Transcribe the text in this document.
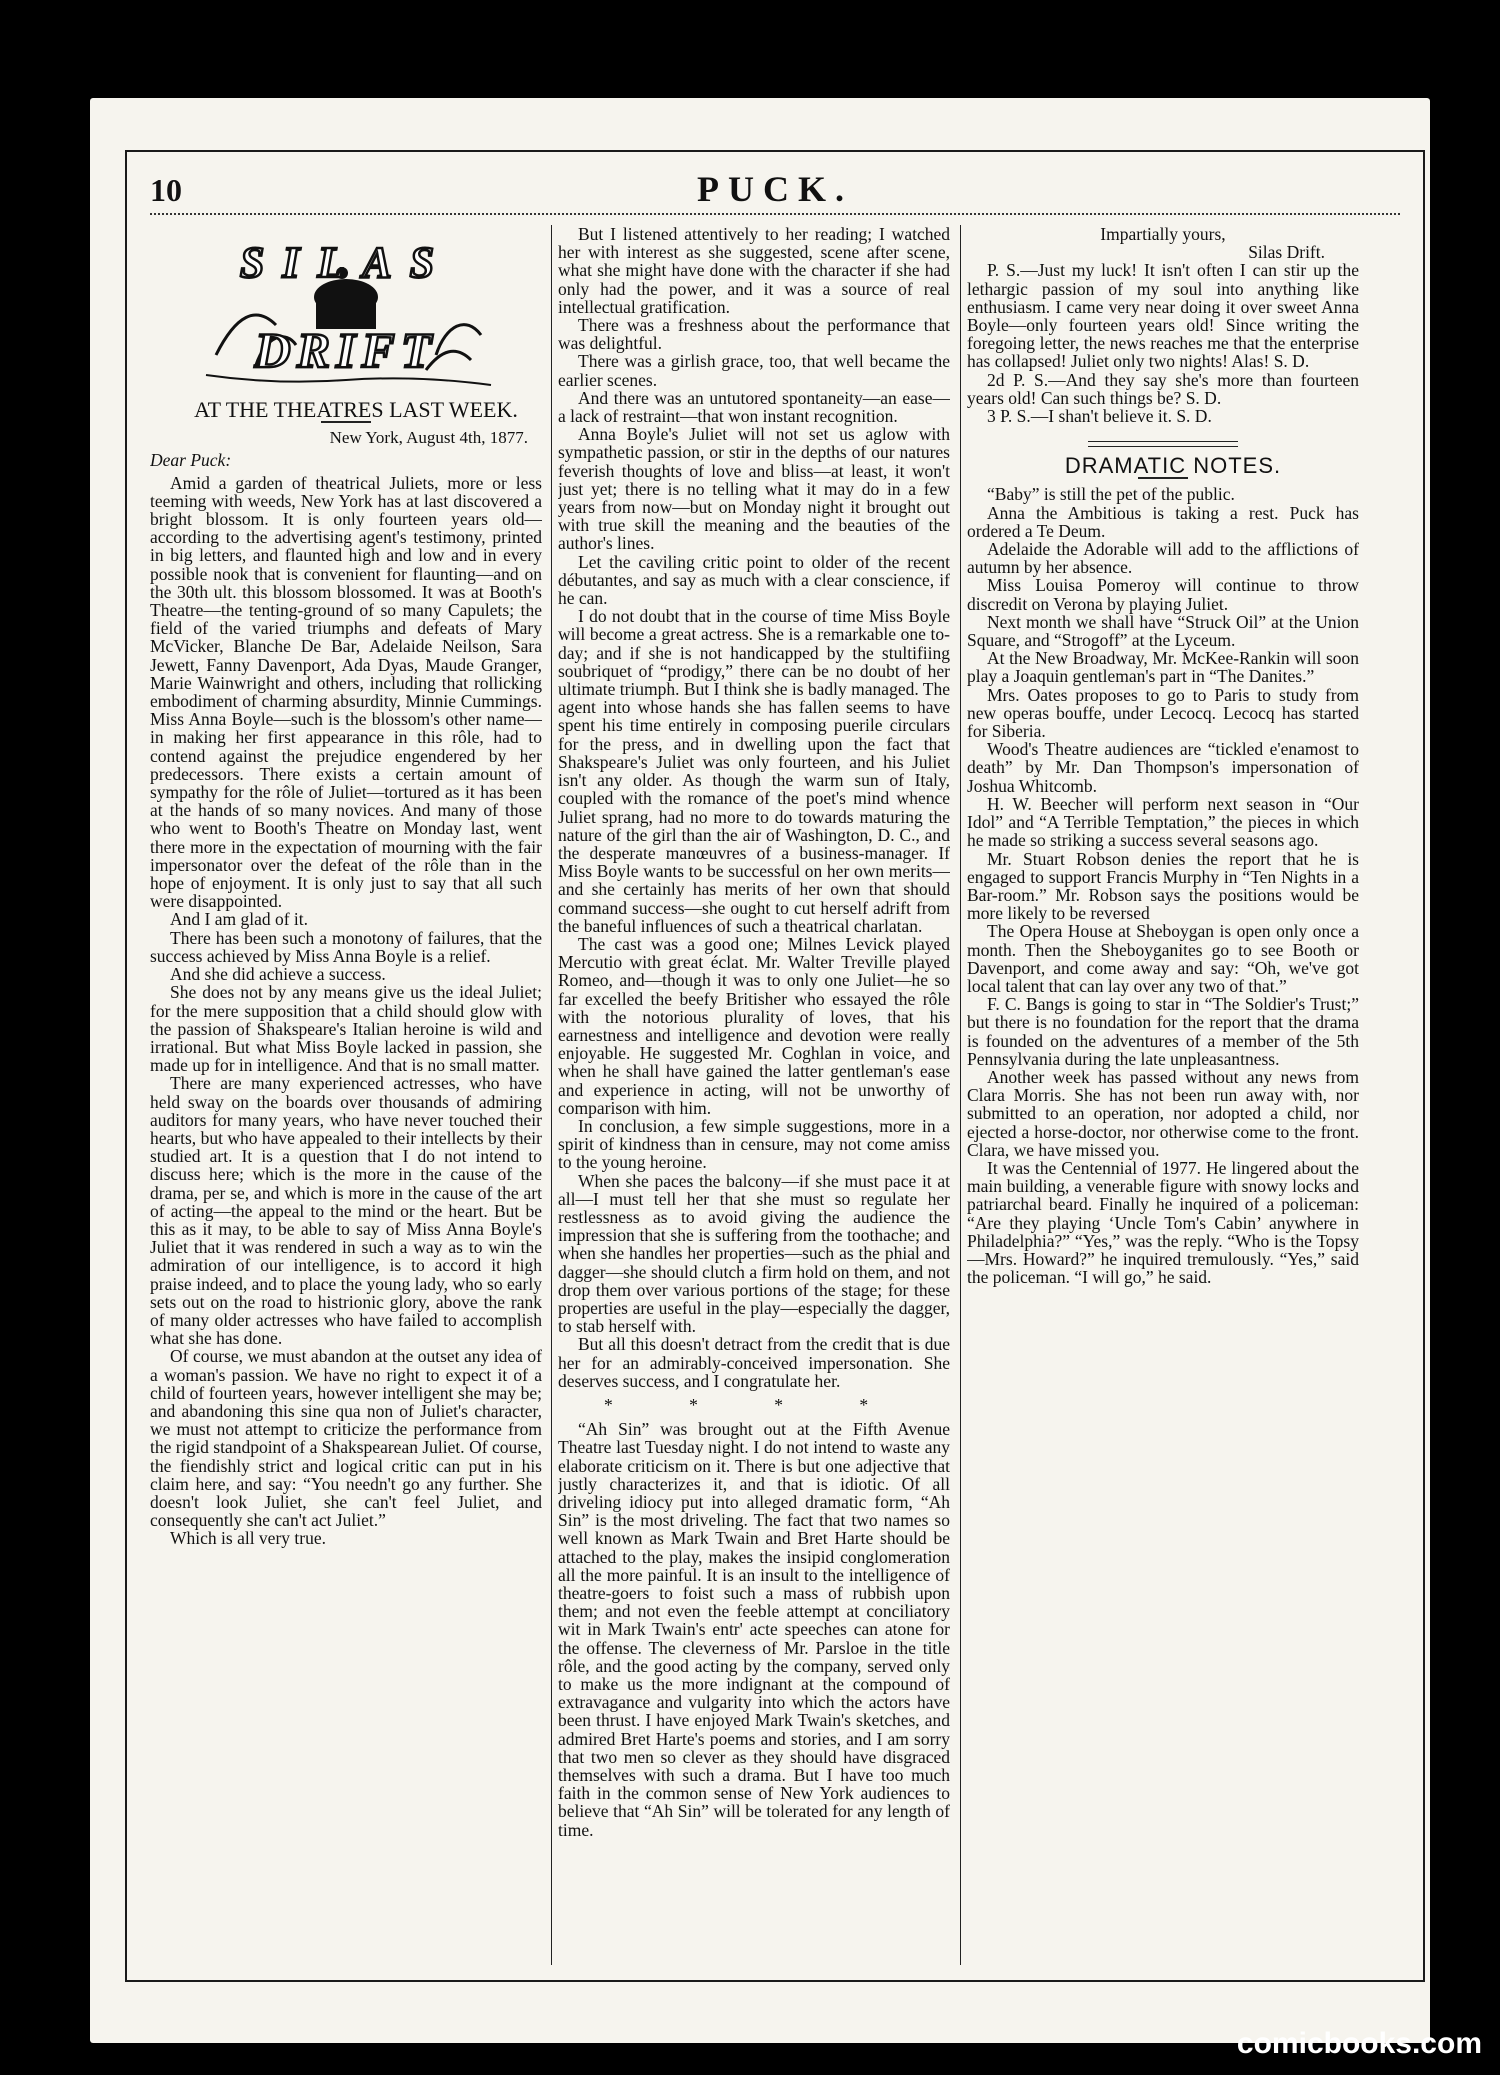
10	PUCK.
SILAS
DRIFT

AT THE THEATRES LAST WEEK.

New York, August 4th, 1877.

Dear Puck:

Amid a garden of theatrical Juliets, more or less teeming with weeds, New York has at last discovered a bright blossom. It is only fourteen years old—according to the advertising agent's testimony, printed in big letters, and flaunted high and low and in every possible nook that is convenient for flaunting—and on the 30th ult. this blossom blossomed. It was at Booth's Theatre—the tenting-ground of so many Capulets; the field of the varied triumphs and defeats of Mary McVicker, Blanche De Bar, Adelaide Neilson, Sara Jewett, Fanny Davenport, Ada Dyas, Maude Granger, Marie Wainwright and others, including that rollicking embodiment of charming absurdity, Minnie Cummings. Miss Anna Boyle—such is the blossom's other name—in making her first appearance in this rôle, had to contend against the prejudice engendered by her predecessors. There exists a certain amount of sympathy for the rôle of Juliet—tortured as it has been at the hands of so many novices. And many of those who went to Booth's Theatre on Monday last, went there more in the expectation of mourning with the fair impersonator over the defeat of the rôle than in the hope of enjoyment. It is only just to say that all such were disappointed.

And I am glad of it.

There has been such a monotony of failures, that the success achieved by Miss Anna Boyle is a relief.

And she did achieve a success.

She does not by any means give us the ideal Juliet; for the mere supposition that a child should glow with the passion of Shakspeare's Italian heroine is wild and irrational. But what Miss Boyle lacked in passion, she made up for in intelligence. And that is no small matter.

There are many experienced actresses, who have held sway on the boards over thousands of admiring auditors for many years, who have never touched their hearts, but who have appealed to their intellects by their studied art. It is a question that I do not intend to discuss here; which is the more in the cause of the drama, per se, and which is more in the cause of the art of acting—the appeal to the mind or the heart. But be this as it may, to be able to say of Miss Anna Boyle's Juliet that it was rendered in such a way as to win the admiration of our intelligence, is to accord it high praise indeed, and to place the young lady, who so early sets out on the road to histrionic glory, above the rank of many older actresses who have failed to accomplish what she has done.

Of course, we must abandon at the outset any idea of a woman's passion. We have no right to expect it of a child of fourteen years, however intelligent she may be; and abandoning this sine qua non of Juliet's character, we must not attempt to criticize the performance from the rigid standpoint of a Shakspearean Juliet. Of course, the fiendishly strict and logical critic can put in his claim here, and say: “You needn't go any further. She doesn't look Juliet, she can't feel Juliet, and consequently she can't act Juliet.”

Which is all very true.

But I listened attentively to her reading; I watched her with interest as she suggested, scene after scene, what she might have done with the character if she had only had the power, and it was a source of real intellectual gratification.

There was a freshness about the performance that was delightful.

There was a girlish grace, too, that well became the earlier scenes.

And there was an untutored spontaneity—an ease—a lack of restraint—that won instant recognition.

Anna Boyle's Juliet will not set us aglow with sympathetic passion, or stir in the depths of our natures feverish thoughts of love and bliss—at least, it won't just yet; there is no telling what it may do in a few years from now—but on Monday night it brought out with true skill the meaning and the beauties of the author's lines.

Let the caviling critic point to older of the recent débutantes, and say as much with a clear conscience, if he can.

I do not doubt that in the course of time Miss Boyle will become a great actress. She is a remarkable one to-day; and if she is not handicapped by the stultifiing soubriquet of “prodigy,” there can be no doubt of her ultimate triumph. But I think she is badly managed. The agent into whose hands she has fallen seems to have spent his time entirely in composing puerile circulars for the press, and in dwelling upon the fact that Shakspeare's Juliet was only fourteen, and his Juliet isn't any older. As though the warm sun of Italy, coupled with the romance of the poet's mind whence Juliet sprang, had no more to do towards maturing the nature of the girl than the air of Washington, D. C., and the desperate manœuvres of a business-manager. If Miss Boyle wants to be successful on her own merits—and she certainly has merits of her own that should command success—she ought to cut herself adrift from the baneful influences of such a theatrical charlatan.

The cast was a good one; Milnes Levick played Mercutio with great éclat. Mr. Walter Treville played Romeo, and—though it was to only one Juliet—he so far excelled the beefy Britisher who essayed the rôle with the notorious plurality of loves, that his earnestness and intelligence and devotion were really enjoyable. He suggested Mr. Coghlan in voice, and when he shall have gained the latter gentleman's ease and experience in acting, will not be unworthy of comparison with him.

In conclusion, a few simple suggestions, more in a spirit of kindness than in censure, may not come amiss to the young heroine.

When she paces the balcony—if she must pace it at all—I must tell her that she must so regulate her restlessness as to avoid giving the audience the impression that she is suffering from the toothache; and when she handles her properties—such as the phial and dagger—she should clutch a firm hold on them, and not drop them over various portions of the stage; for these properties are useful in the play—especially the dagger, to stab herself with.

But all this doesn't detract from the credit that is due her for an admirably-conceived impersonation. She deserves success, and I congratulate her.

* * * *

“Ah Sin” was brought out at the Fifth Avenue Theatre last Tuesday night. I do not intend to waste any elaborate criticism on it. There is but one adjective that justly characterizes it, and that is idiotic. Of all driveling idiocy put into alleged dramatic form, “Ah Sin” is the most driveling. The fact that two names so well known as Mark Twain and Bret Harte should be attached to the play, makes the insipid conglomeration all the more painful. It is an insult to the intelligence of theatre-goers to foist such a mass of rubbish upon them; and not even the feeble attempt at conciliatory wit in Mark Twain's entr' acte speeches can atone for the offense. The cleverness of Mr. Parsloe in the title rôle, and the good acting by the company, served only to make us the more indignant at the compound of extravagance and vulgarity into which the actors have been thrust. I have enjoyed Mark Twain's sketches, and admired Bret Harte's poems and stories, and I am sorry that two men so clever as they should have disgraced themselves with such a drama. But I have too much faith in the common sense of New York audiences to believe that “Ah Sin” will be tolerated for any length of time.

Impartially yours,

Silas Drift.

P. S.—Just my luck! It isn't often I can stir up the lethargic passion of my soul into anything like enthusiasm. I came very near doing it over sweet Anna Boyle—only fourteen years old! Since writing the foregoing letter, the news reaches me that the enterprise has collapsed! Juliet only two nights! Alas! S. D.

2d P. S.—And they say she's more than fourteen years old! Can such things be? S. D.

3 P. S.—I shan't believe it. S. D.

DRAMATIC NOTES.

“Baby” is still the pet of the public.

Anna the Ambitious is taking a rest. Puck has ordered a Te Deum.

Adelaide the Adorable will add to the afflictions of autumn by her absence.

Miss Louisa Pomeroy will continue to throw discredit on Verona by playing Juliet.

Next month we shall have “Struck Oil” at the Union Square, and “Strogoff” at the Lyceum.

At the New Broadway, Mr. McKee-Rankin will soon play a Joaquin gentleman's part in “The Danites.”

Mrs. Oates proposes to go to Paris to study from new operas bouffe, under Lecocq. Lecocq has started for Siberia.

Wood's Theatre audiences are “tickled e'enamost to death” by Mr. Dan Thompson's impersonation of Joshua Whitcomb.

H. W. Beecher will perform next season in “Our Idol” and “A Terrible Temptation,” the pieces in which he made so striking a success several seasons ago.

Mr. Stuart Robson denies the report that he is engaged to support Francis Murphy in “Ten Nights in a Bar-room.” Mr. Robson says the positions would be more likely to be reversed

The Opera House at Sheboygan is open only once a month. Then the Sheboyganites go to see Booth or Davenport, and come away and say: “Oh, we've got local talent that can lay over any two of that.”

F. C. Bangs is going to star in “The Soldier's Trust;” but there is no foundation for the report that the drama is founded on the adventures of a member of the 5th Pennsylvania during the late unpleasantness.

Another week has passed without any news from Clara Morris. She has not been run away with, nor submitted to an operation, nor adopted a child, nor ejected a horse-doctor, nor otherwise come to the front. Clara, we have missed you.

It was the Centennial of 1977. He lingered about the main building, a venerable figure with snowy locks and patriarchal beard. Finally he inquired of a policeman: “Are they playing ‘Uncle Tom's Cabin’ anywhere in Philadelphia?” “Yes,” was the reply. “Who is the Topsy—Mrs. Howard?” he inquired tremulously. “Yes,” said the policeman. “I will go,” he said.

comicbooks.com
